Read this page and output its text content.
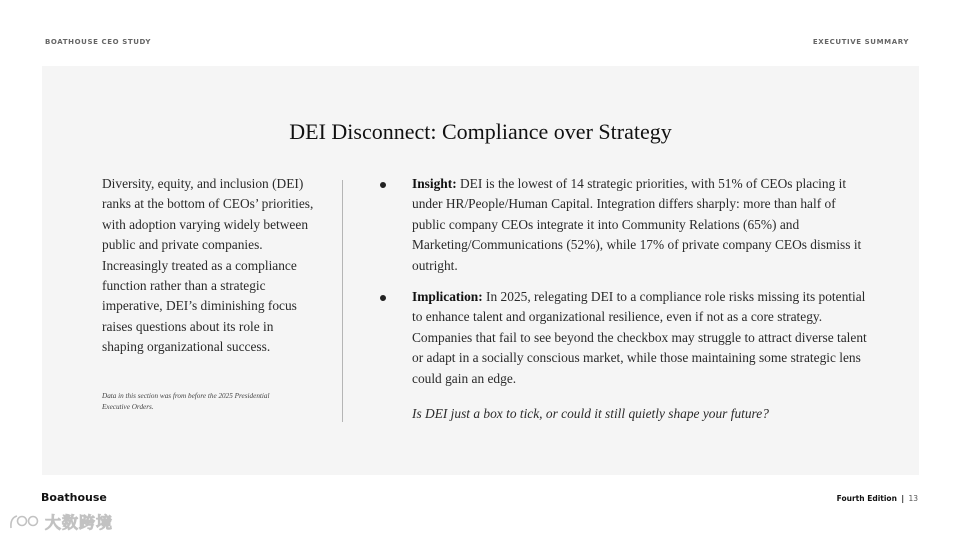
BOATHOUSE CEO STUDY	EXECUTIVE SUMMARY
DEI Disconnect: Compliance over Strategy
Diversity, equity, and inclusion (DEI) ranks at the bottom of CEOs’ priorities, with adoption varying widely between public and private companies. Increasingly treated as a compliance function rather than a strategic imperative, DEI’s diminishing focus raises questions about its role in shaping organizational success.
Data in this section was from before the 2025 Presidential Executive Orders.
Insight: DEI is the lowest of 14 strategic priorities, with 51% of CEOs placing it under HR/People/Human Capital. Integration differs sharply: more than half of public company CEOs integrate it into Community Relations (65%) and Marketing/Communications (52%), while 17% of private company CEOs dismiss it outright.
Implication: In 2025, relegating DEI to a compliance role risks missing its potential to enhance talent and organizational resilience, even if not as a core strategy. Companies that fail to see beyond the checkbox may struggle to attract diverse talent or adapt in a socially conscious market, while those maintaining some strategic lens could gain an edge.
Is DEI just a box to tick, or could it still quietly shape your future?
Boathouse	Fourth Edition | 13
大数跨境
